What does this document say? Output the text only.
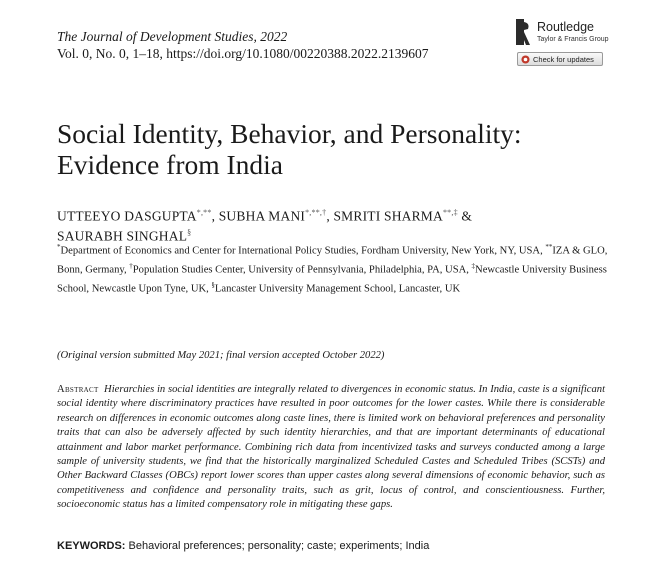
The Journal of Development Studies, 2022
Vol. 0, No. 0, 1–18, https://doi.org/10.1080/00220388.2022.2139607
Routledge
Taylor & Francis Group
Check for updates
Social Identity, Behavior, and Personality:
Evidence from India
UTTEEYO DASGUPTA*,**, SUBHA MANI*,**,†, SMRITI SHARMA**,‡ &
SAURABH SINGHAL§
*Department of Economics and Center for International Policy Studies, Fordham University, New York, NY, USA, **IZA & GLO, Bonn, Germany, †Population Studies Center, University of Pennsylvania, Philadelphia, PA, USA, ‡Newcastle University Business School, Newcastle Upon Tyne, UK, §Lancaster University Management School, Lancaster, UK
(Original version submitted May 2021; final version accepted October 2022)
Abstract Hierarchies in social identities are integrally related to divergences in economic status. In India, caste is a significant social identity where discriminatory practices have resulted in poor outcomes for the lower castes. While there is considerable research on differences in economic outcomes along caste lines, there is limited work on behavioral preferences and personality traits that can also be adversely affected by such identity hierarchies, and that are important determinants of educational attainment and labor market performance. Combining rich data from incentivized tasks and surveys conducted among a large sample of university students, we find that the historically marginalized Scheduled Castes and Scheduled Tribes (SCSTs) and Other Backward Classes (OBCs) report lower scores than upper castes along several dimensions of economic behavior, such as competitiveness and confidence and personality traits, such as grit, locus of control, and conscientiousness. Further, socioeconomic status has a limited compensatory role in mitigating these gaps.
KEYWORDS: Behavioral preferences; personality; caste; experiments; India
